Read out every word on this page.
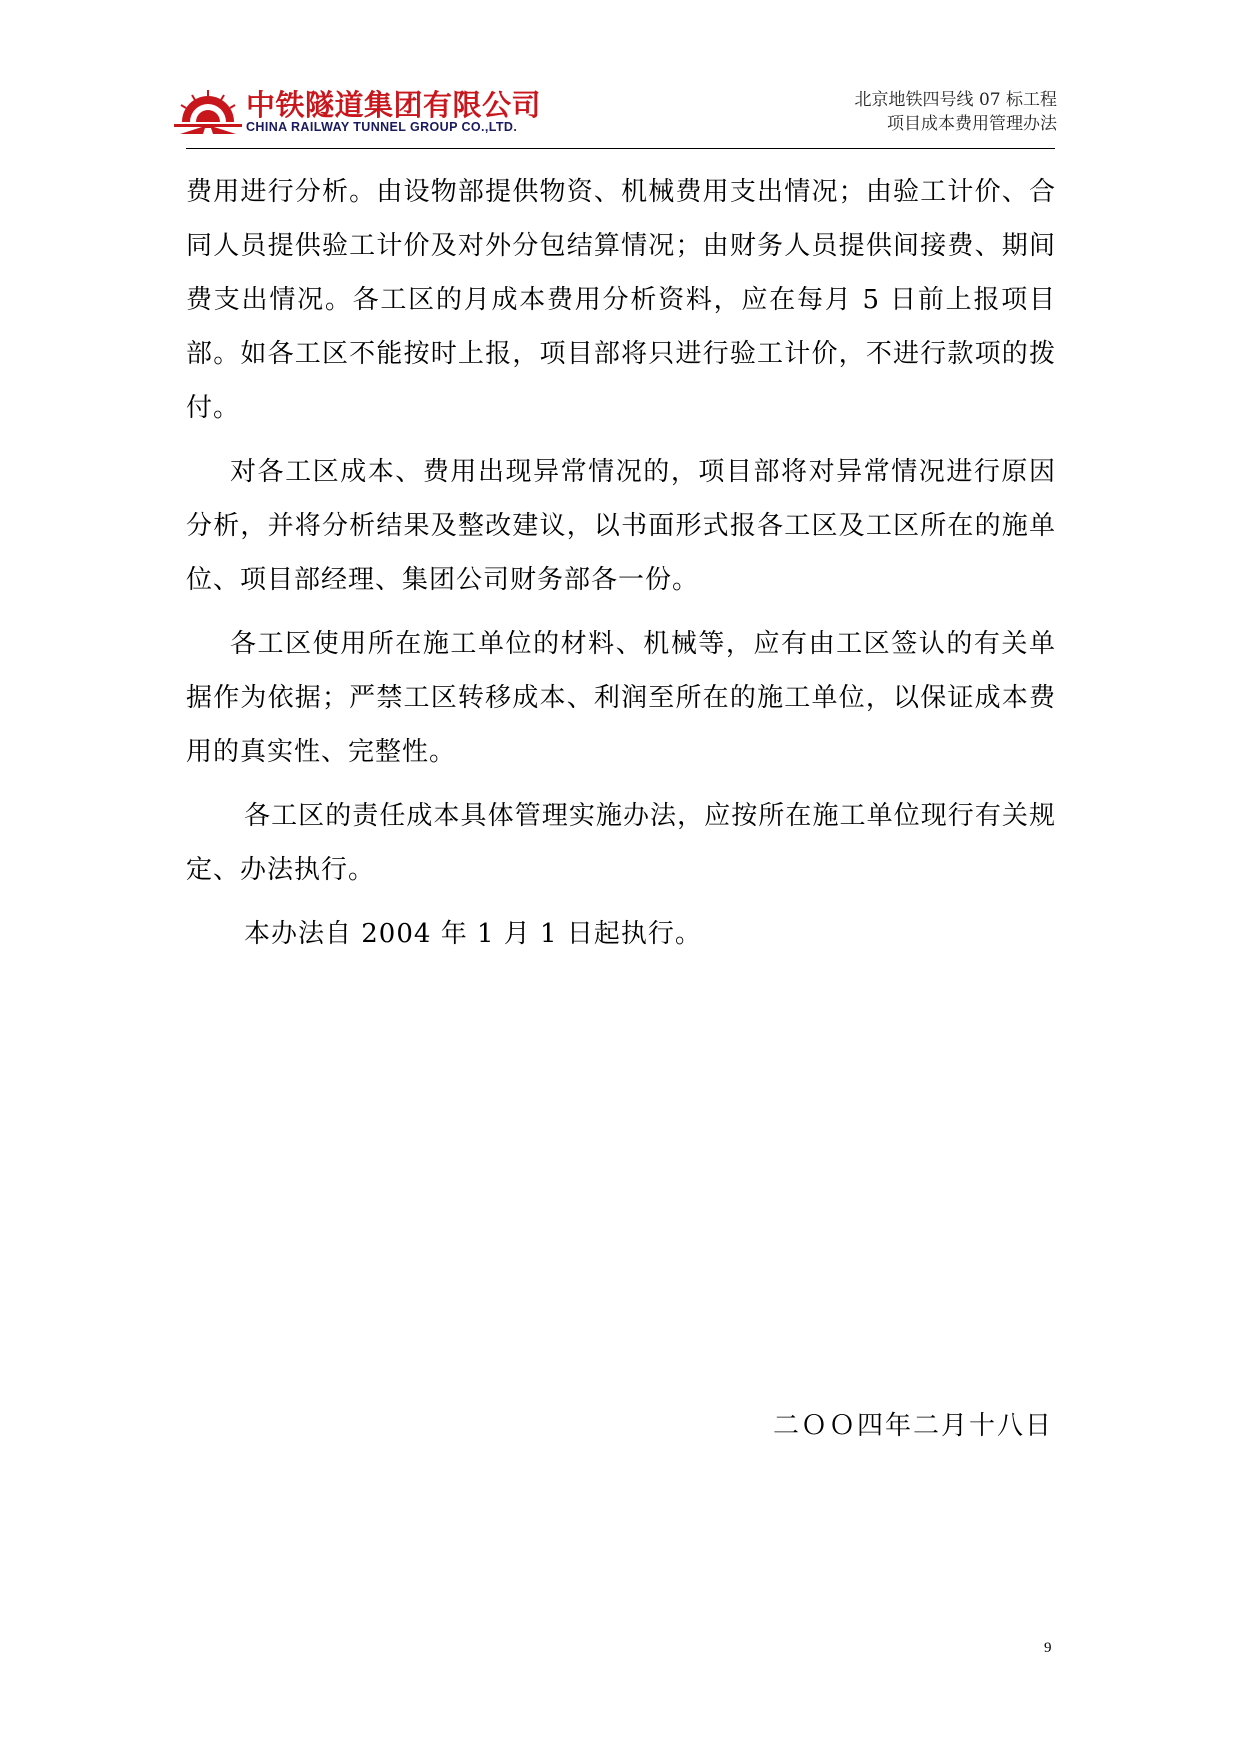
中铁隧道集团有限公司
CHINA RAILWAY TUNNEL GROUP CO.,LTD.
北京地铁四号线 07 标工程
项目成本费用管理办法

费用进行分析。由设物部提供物资、机械费用支出情况；由验工计价、合同人员提供验工计价及对外分包结算情况；由财务人员提供间接费、期间费支出情况。各工区的月成本费用分析资料，应在每月 5 日前上报项目部。如各工区不能按时上报，项目部将只进行验工计价，不进行款项的拨付。

对各工区成本、费用出现异常情况的，项目部将对异常情况进行原因分析，并将分析结果及整改建议，以书面形式报各工区及工区所在的施单位、项目部经理、集团公司财务部各一份。

各工区使用所在施工单位的材料、机械等，应有由工区签认的有关单据作为依据；严禁工区转移成本、利润至所在的施工单位，以保证成本费用的真实性、完整性。

各工区的责任成本具体管理实施办法，应按所在施工单位现行有关规定、办法执行。

本办法自 2004 年 1 月 1 日起执行。

二ＯＯ四年二月十八日
9
